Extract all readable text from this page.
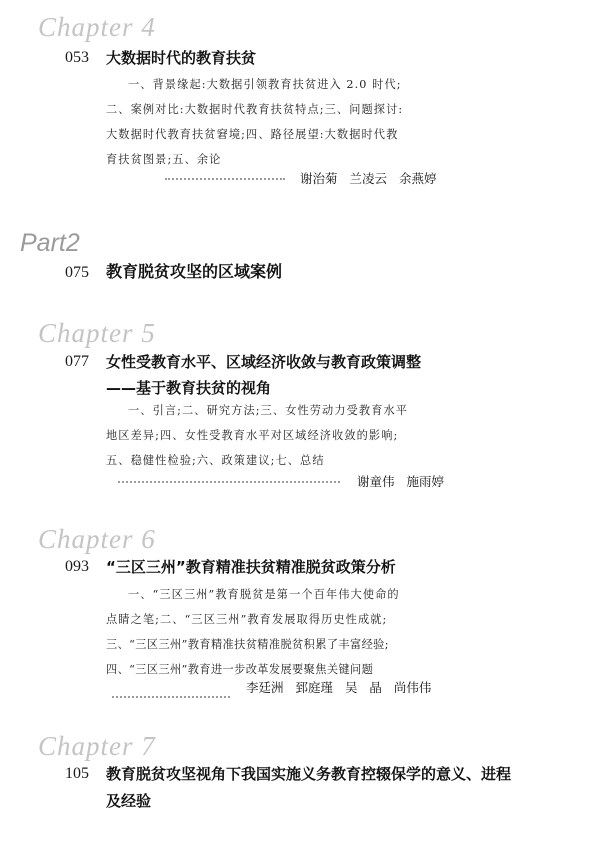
Chapter 4
053 大数据时代的教育扶贫
一、背景缘起:大数据引领教育扶贫进入 2.0 时代;
二、案例对比:大数据时代教育扶贫特点;三、问题探讨:
大数据时代教育扶贫窘境;四、路径展望:大数据时代教
育扶贫图景;五、余论
谢治菊 兰凌云 余燕婷
Part2
075 教育脱贫攻坚的区域案例
Chapter 5
077 女性受教育水平、区域经济收敛与教育政策调整
——基于教育扶贫的视角
一、引言;二、研究方法;三、女性劳动力受教育水平
地区差异;四、女性受教育水平对区域经济收敛的影响;
五、稳健性检验;六、政策建议;七、总结
谢童伟 施雨婷
Chapter 6
093 “三区三州”教育精准扶贫精准脱贫政策分析
一、“三区三州”教育脱贫是第一个百年伟大使命的
点睛之笔;二、“三区三州”教育发展取得历史性成就;
三、“三区三州”教育精准扶贫精准脱贫积累了丰富经验;
四、“三区三州”教育进一步改革发展要聚焦关键问题
李廷洲 郅庭瑾 吴 晶 尚伟伟
Chapter 7
105 教育脱贫攻坚视角下我国实施义务教育控辍保学的意义、进程
及经验
